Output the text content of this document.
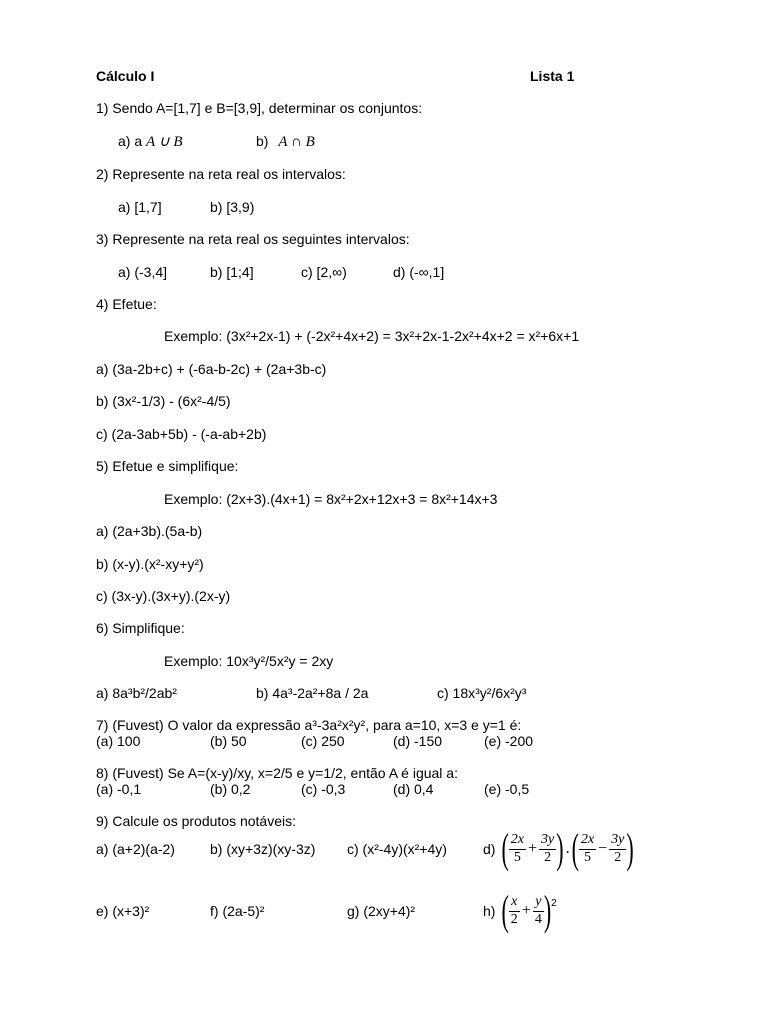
Cálculo I	Lista 1
1) Sendo A=[1,7] e B=[3,9], determinar os conjuntos:
a) a A ∪ B	b) A ∩ B
2) Represente na reta real os intervalos:
a) [1,7]	b) [3,9)
3) Represente na reta real os seguintes intervalos:
a) (-3,4]	b) [1;4]	c) [2,∞)	d) (-∞,1]
4) Efetue:
Exemplo: (3x²+2x-1) + (-2x²+4x+2) = 3x²+2x-1-2x²+4x+2 = x²+6x+1
a) (3a-2b+c) + (-6a-b-2c) + (2a+3b-c)
b) (3x²-1/3) - (6x²-4/5)
c) (2a-3ab+5b) - (-a-ab+2b)
5) Efetue e simplifique:
Exemplo: (2x+3).(4x+1) = 8x²+2x+12x+3 = 8x²+14x+3
a) (2a+3b).(5a-b)
b) (x-y).(x²-xy+y²)
c) (3x-y).(3x+y).(2x-y)
6) Simplifique:
Exemplo: 10x³y²/5x²y = 2xy
a) 8a³b²/2ab²	b) 4a³-2a²+8a / 2a	c) 18x³y²/6x²y³
7) (Fuvest) O valor da expressão a³-3a²x²y², para a=10, x=3 e y=1 é:
(a) 100	(b) 50	(c) 250	(d) -150	(e) -200
8) (Fuvest) Se A=(x-y)/xy, x=2/5 e y=1/2, então A é igual a:
(a) -0,1	(b) 0,2	(c) -0,3	(d) 0,4	(e) -0,5
9) Calcule os produtos notáveis:
a) (a+2)(a-2)	b) (xy+3z)(xy-3z) c) (x²-4y)(x²+4y)	d) ( $\frac{2x}{5} + \frac{3y}{2}$ ) . ( $\frac{2x}{5} - \frac{3y}{2}$ )
e) (x+3)²	f) (2a-5)²	g) (2xy+4)²	h) ( $\frac{x}{2} + \frac{y}{4}$ ) 2
